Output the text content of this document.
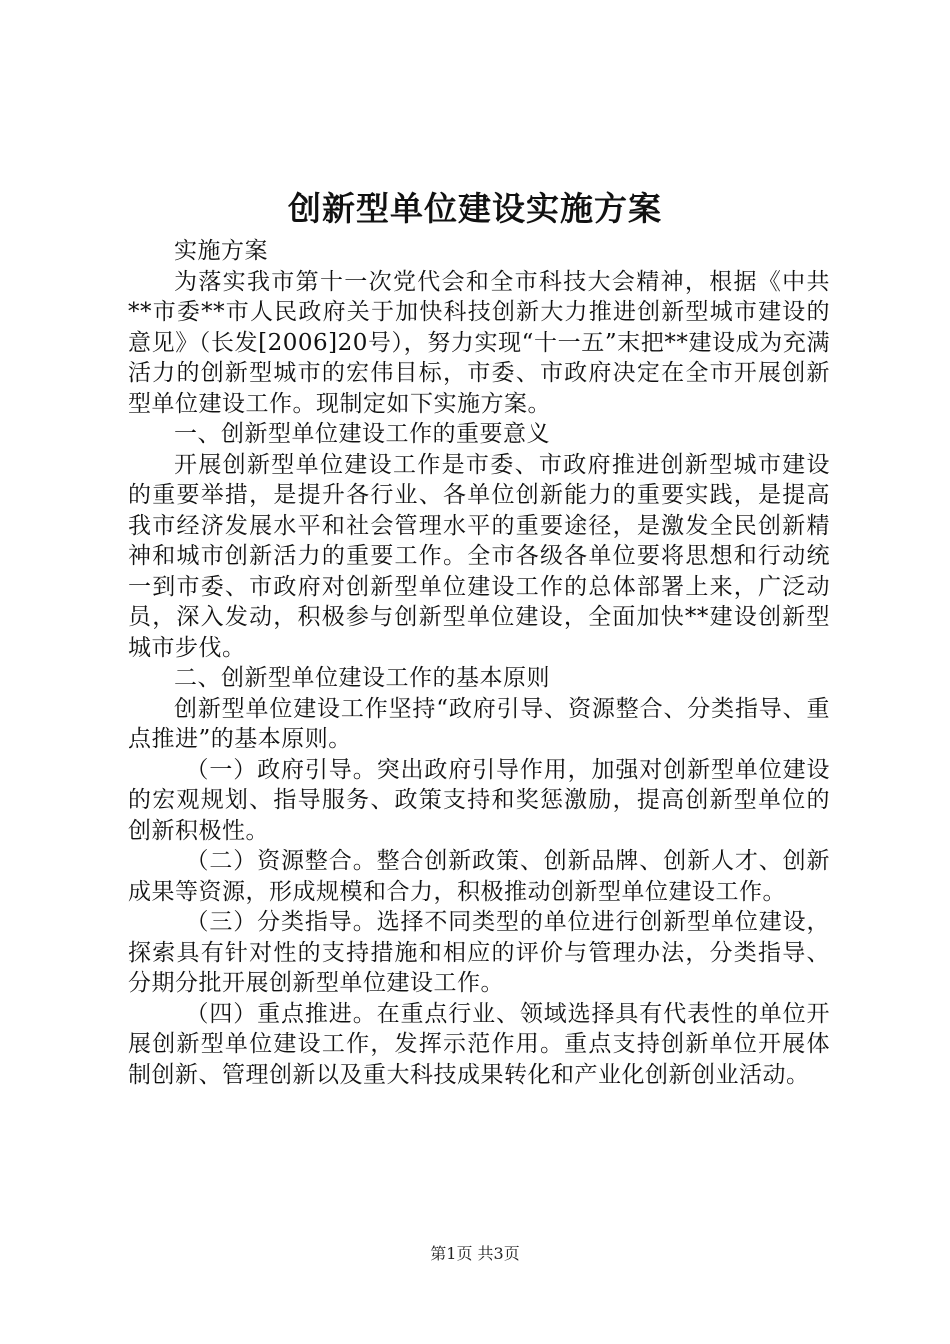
创新型单位建设实施方案

实施方案

为落实我市第十一次党代会和全市科技大会精神，根据《中共**市委**市人民政府关于加快科技创新大力推进创新型城市建设的意见》（长发[2006]20号），努力实现“十一五”末把**建设成为充满活力的创新型城市的宏伟目标，市委、市政府决定在全市开展创新型单位建设工作。现制定如下实施方案。

一、创新型单位建设工作的重要意义

开展创新型单位建设工作是市委、市政府推进创新型城市建设的重要举措，是提升各行业、各单位创新能力的重要实践，是提高我市经济发展水平和社会管理水平的重要途径，是激发全民创新精神和城市创新活力的重要工作。全市各级各单位要将思想和行动统一到市委、市政府对创新型单位建设工作的总体部署上来，广泛动员，深入发动，积极参与创新型单位建设，全面加快**建设创新型城市步伐。

二、创新型单位建设工作的基本原则

创新型单位建设工作坚持“政府引导、资源整合、分类指导、重点推进”的基本原则。

（一）政府引导。突出政府引导作用，加强对创新型单位建设的宏观规划、指导服务、政策支持和奖惩激励，提高创新型单位的创新积极性。

（二）资源整合。整合创新政策、创新品牌、创新人才、创新成果等资源，形成规模和合力，积极推动创新型单位建设工作。

（三）分类指导。选择不同类型的单位进行创新型单位建设，探索具有针对性的支持措施和相应的评价与管理办法，分类指导、分期分批开展创新型单位建设工作。

（四）重点推进。在重点行业、领域选择具有代表性的单位开展创新型单位建设工作，发挥示范作用。重点支持创新单位开展体制创新、管理创新以及重大科技成果转化和产业化创新创业活动。

第1页 共3页
